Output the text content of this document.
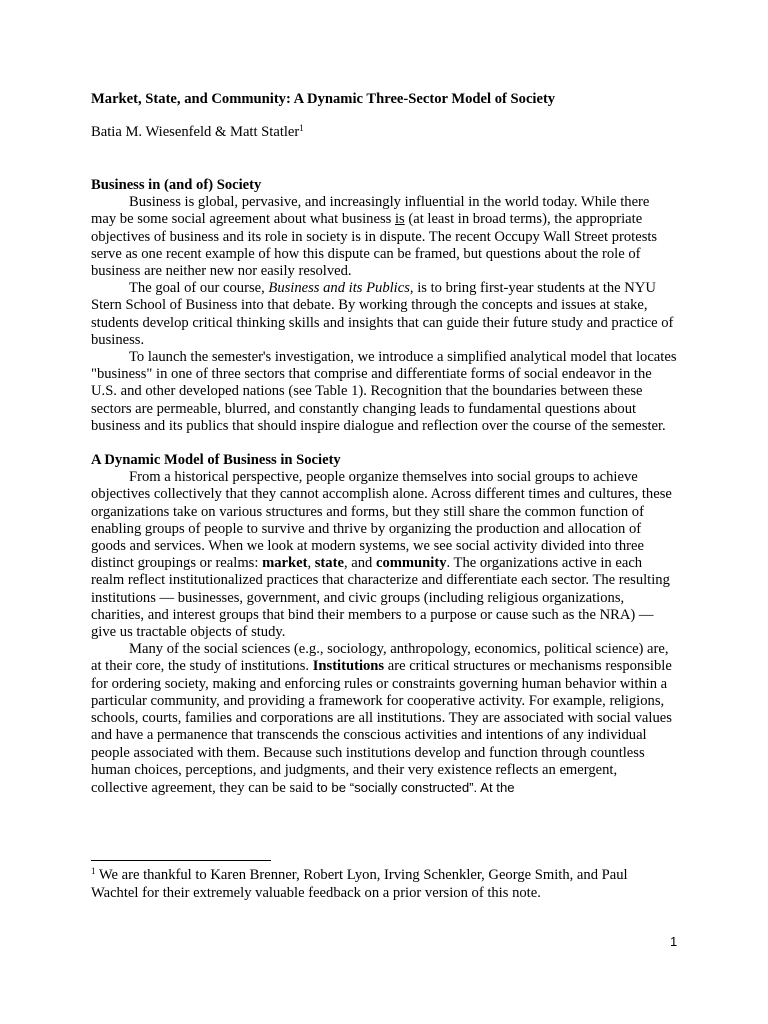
Market, State, and Community: A Dynamic Three-Sector Model of Society
Batia M. Wiesenfeld & Matt Statler$^1$

Business in (and of) Society

Business is global, pervasive, and increasingly influential in the world today. While there may be some social agreement about what business is (at least in broad terms), the appropriate objectives of business and its role in society is in dispute. The recent Occupy Wall Street protests serve as one recent example of how this dispute can be framed, but questions about the role of business are neither new nor easily resolved.

The goal of our course, Business and its Publics, is to bring first-year students at the NYU Stern School of Business into that debate. By working through the concepts and issues at stake, students develop critical thinking skills and insights that can guide their future study and practice of business.

To launch the semester's investigation, we introduce a simplified analytical model that locates "business" in one of three sectors that comprise and differentiate forms of social endeavor in the U.S. and other developed nations (see Table 1). Recognition that the boundaries between these sectors are permeable, blurred, and constantly changing leads to fundamental questions about business and its publics that should inspire dialogue and reflection over the course of the semester.

A Dynamic Model of Business in Society

From a historical perspective, people organize themselves into social groups to achieve objectives collectively that they cannot accomplish alone. Across different times and cultures, these organizations take on various structures and forms, but they still share the common function of enabling groups of people to survive and thrive by organizing the production and allocation of goods and services. When we look at modern systems, we see social activity divided into three distinct groupings or realms: market, state, and community. The organizations active in each realm reflect institutionalized practices that characterize and differentiate each sector. The resulting institutions — businesses, government, and civic groups (including religious organizations, charities, and interest groups that bind their members to a purpose or cause such as the NRA) — give us tractable objects of study.

Many of the social sciences (e.g., sociology, anthropology, economics, political science) are, at their core, the study of institutions. Institutions are critical structures or mechanisms responsible for ordering society, making and enforcing rules or constraints governing human behavior within a particular community, and providing a framework for cooperative activity. For example, religions, schools, courts, families and corporations are all institutions. They are associated with social values and have a permanence that transcends the conscious activities and intentions of any individual people associated with them. Because such institutions develop and function through countless human choices, perceptions, and judgments, and their very existence reflects an emergent, collective agreement, they can be said to be “socially constructed”. At the

$^1$ We are thankful to Karen Brenner, Robert Lyon, Irving Schenkler, George Smith, and Paul Wachtel for their extremely valuable feedback on a prior version of this note.
1
